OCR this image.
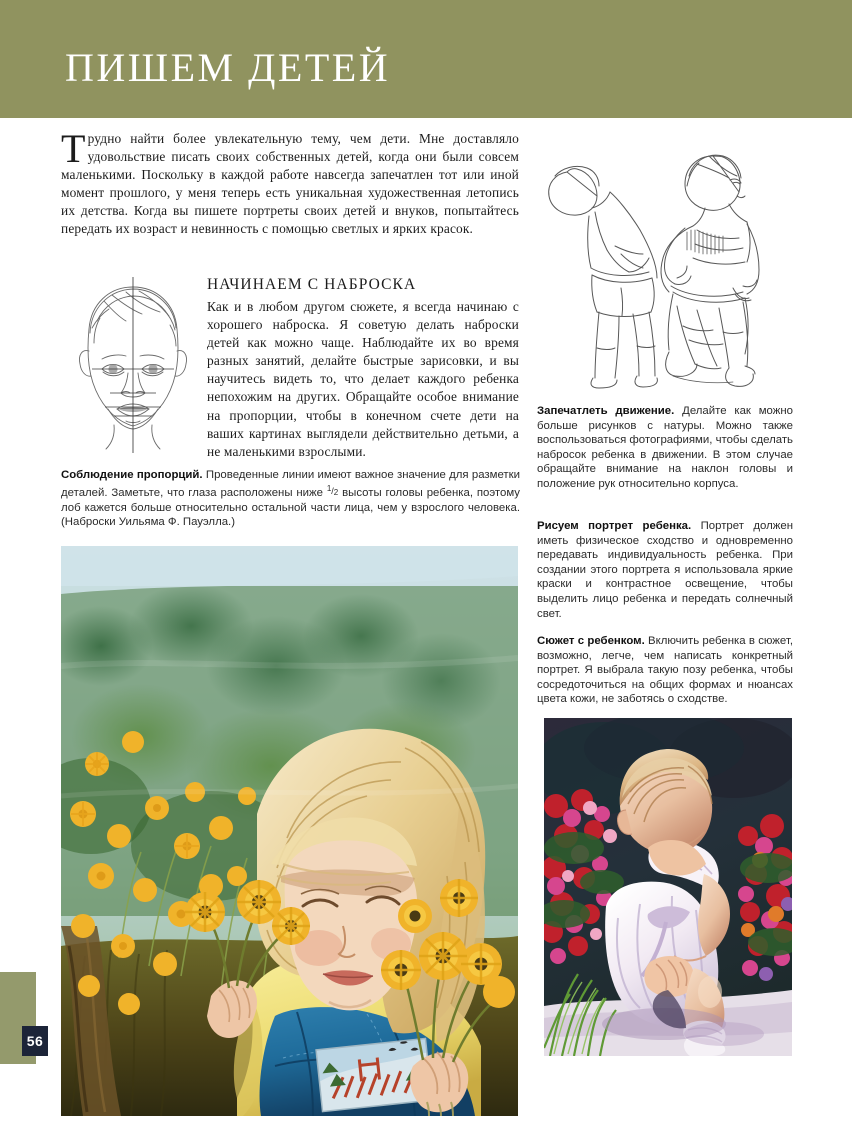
ПИШЕМ ДЕТЕЙ
Трудно найти более увлекательную тему, чем дети. Мне доставляло удовольствие писать своих собственных детей, когда они были совсем маленькими. Поскольку в каждой работе навсегда запечатлен тот или иной момент прошлого, у меня теперь есть уникальная художественная летопись их детства. Когда вы пишете портреты своих детей и внуков, попытайтесь передать их возраст и невинность с помощью светлых и ярких красок.
НАЧИНАЕМ С НАБРОСКА
Как и в любом другом сюжете, я всегда начинаю с хорошего наброска. Я советую делать наброски детей как можно чаще. Наблюдайте их во время разных занятий, делайте быстрые зарисовки, и вы научитесь видеть то, что делает каждого ребенка непохожим на других. Обращайте особое внимание на пропорции, чтобы в конечном счете дети на ваших картинах выглядели действительно детьми, а не маленькими взрослыми.
Соблюдение пропорций. Проведенные линии имеют важное значение для разметки деталей. Заметьте, что глаза расположены ниже $^1/_2$ высоты головы ребенка, поэтому лоб кажется больше относительно остальной части лица, чем у взрослого человека. (Наброски Уильяма Ф. Пауэлла.)
Запечатлеть движение. Делайте как можно больше рисунков с натуры. Можно также воспользоваться фотографиями, чтобы сделать набросок ребенка в движении. В этом случае обращайте внимание на наклон головы и положение рук относительно корпуса.
Рисуем портрет ребенка. Портрет должен иметь физическое сходство и одновременно передавать индивидуальность ребенка. При создании этого портрета я использовала яркие краски и контрастное освещение, чтобы выделить лицо ребенка и передать солнечный свет.
Сюжет с ребенком. Включить ребенка в сюжет, возможно, легче, чем написать конкретный портрет. Я выбрала такую позу ребенка, чтобы сосредоточиться на общих формах и нюансах цвета кожи, не заботясь о сходстве.
56
